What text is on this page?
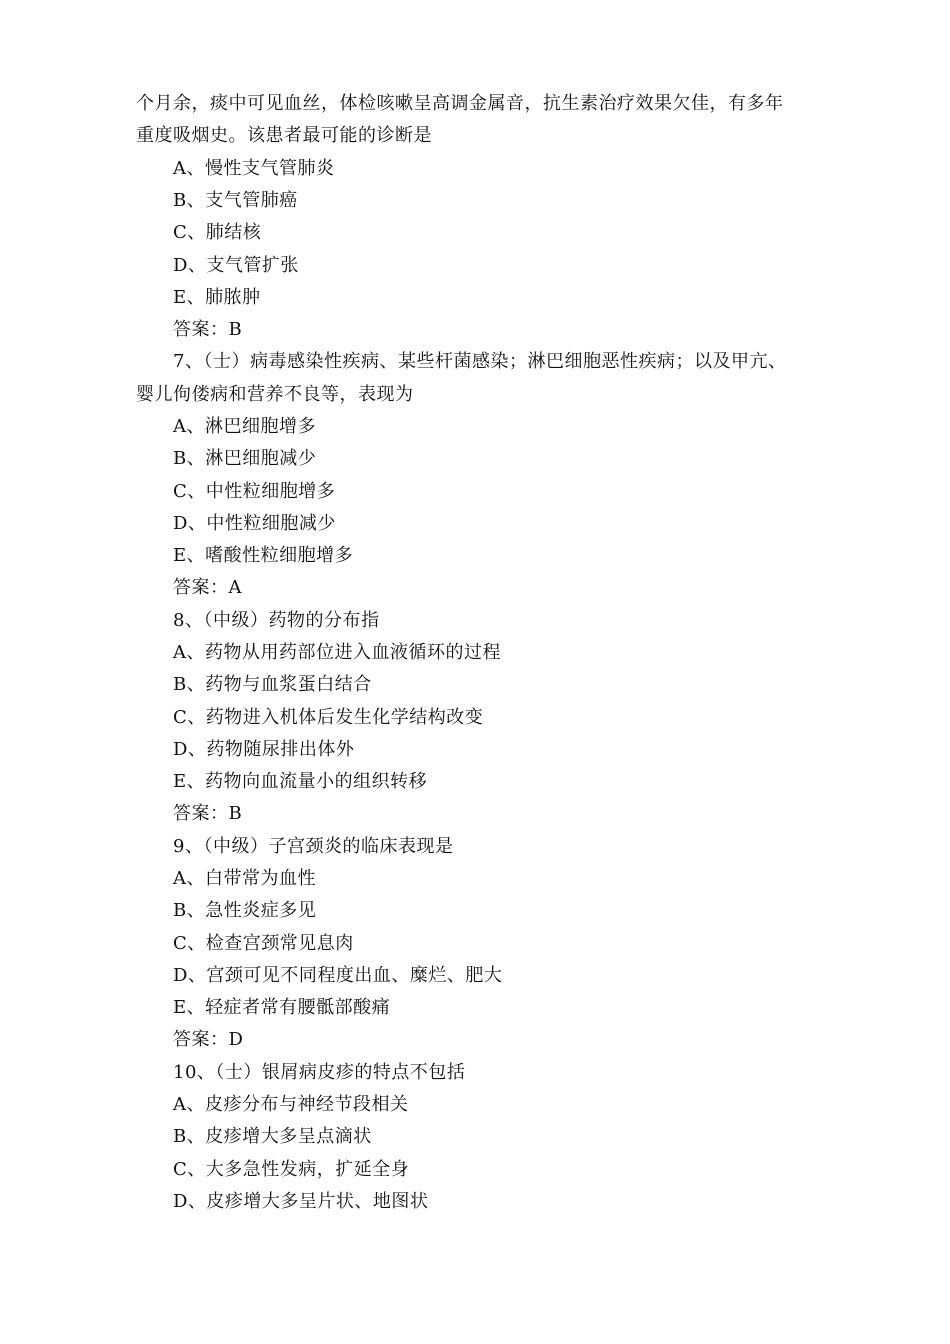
个月余，痰中可见血丝，体检咳嗽呈高调金属音，抗生素治疗效果欠佳，有多年
重度吸烟史。该患者最可能的诊断是
A、慢性支气管肺炎
B、支气管肺癌
C、肺结核
D、支气管扩张
E、肺脓肿
答案：B
7、（士）病毒感染性疾病、某些杆菌感染；淋巴细胞恶性疾病；以及甲亢、
婴儿佝偻病和营养不良等，表现为
A、淋巴细胞增多
B、淋巴细胞减少
C、中性粒细胞增多
D、中性粒细胞减少
E、嗜酸性粒细胞增多
答案：A
8、（中级）药物的分布指
A、药物从用药部位进入血液循环的过程
B、药物与血浆蛋白结合
C、药物进入机体后发生化学结构改变
D、药物随尿排出体外
E、药物向血流量小的组织转移
答案：B
9、（中级）子宫颈炎的临床表现是
A、白带常为血性
B、急性炎症多见
C、检查宫颈常见息肉
D、宫颈可见不同程度出血、糜烂、肥大
E、轻症者常有腰骶部酸痛
答案：D
10、（士）银屑病皮疹的特点不包括
A、皮疹分布与神经节段相关
B、皮疹增大多呈点滴状
C、大多急性发病，扩延全身
D、皮疹增大多呈片状、地图状
